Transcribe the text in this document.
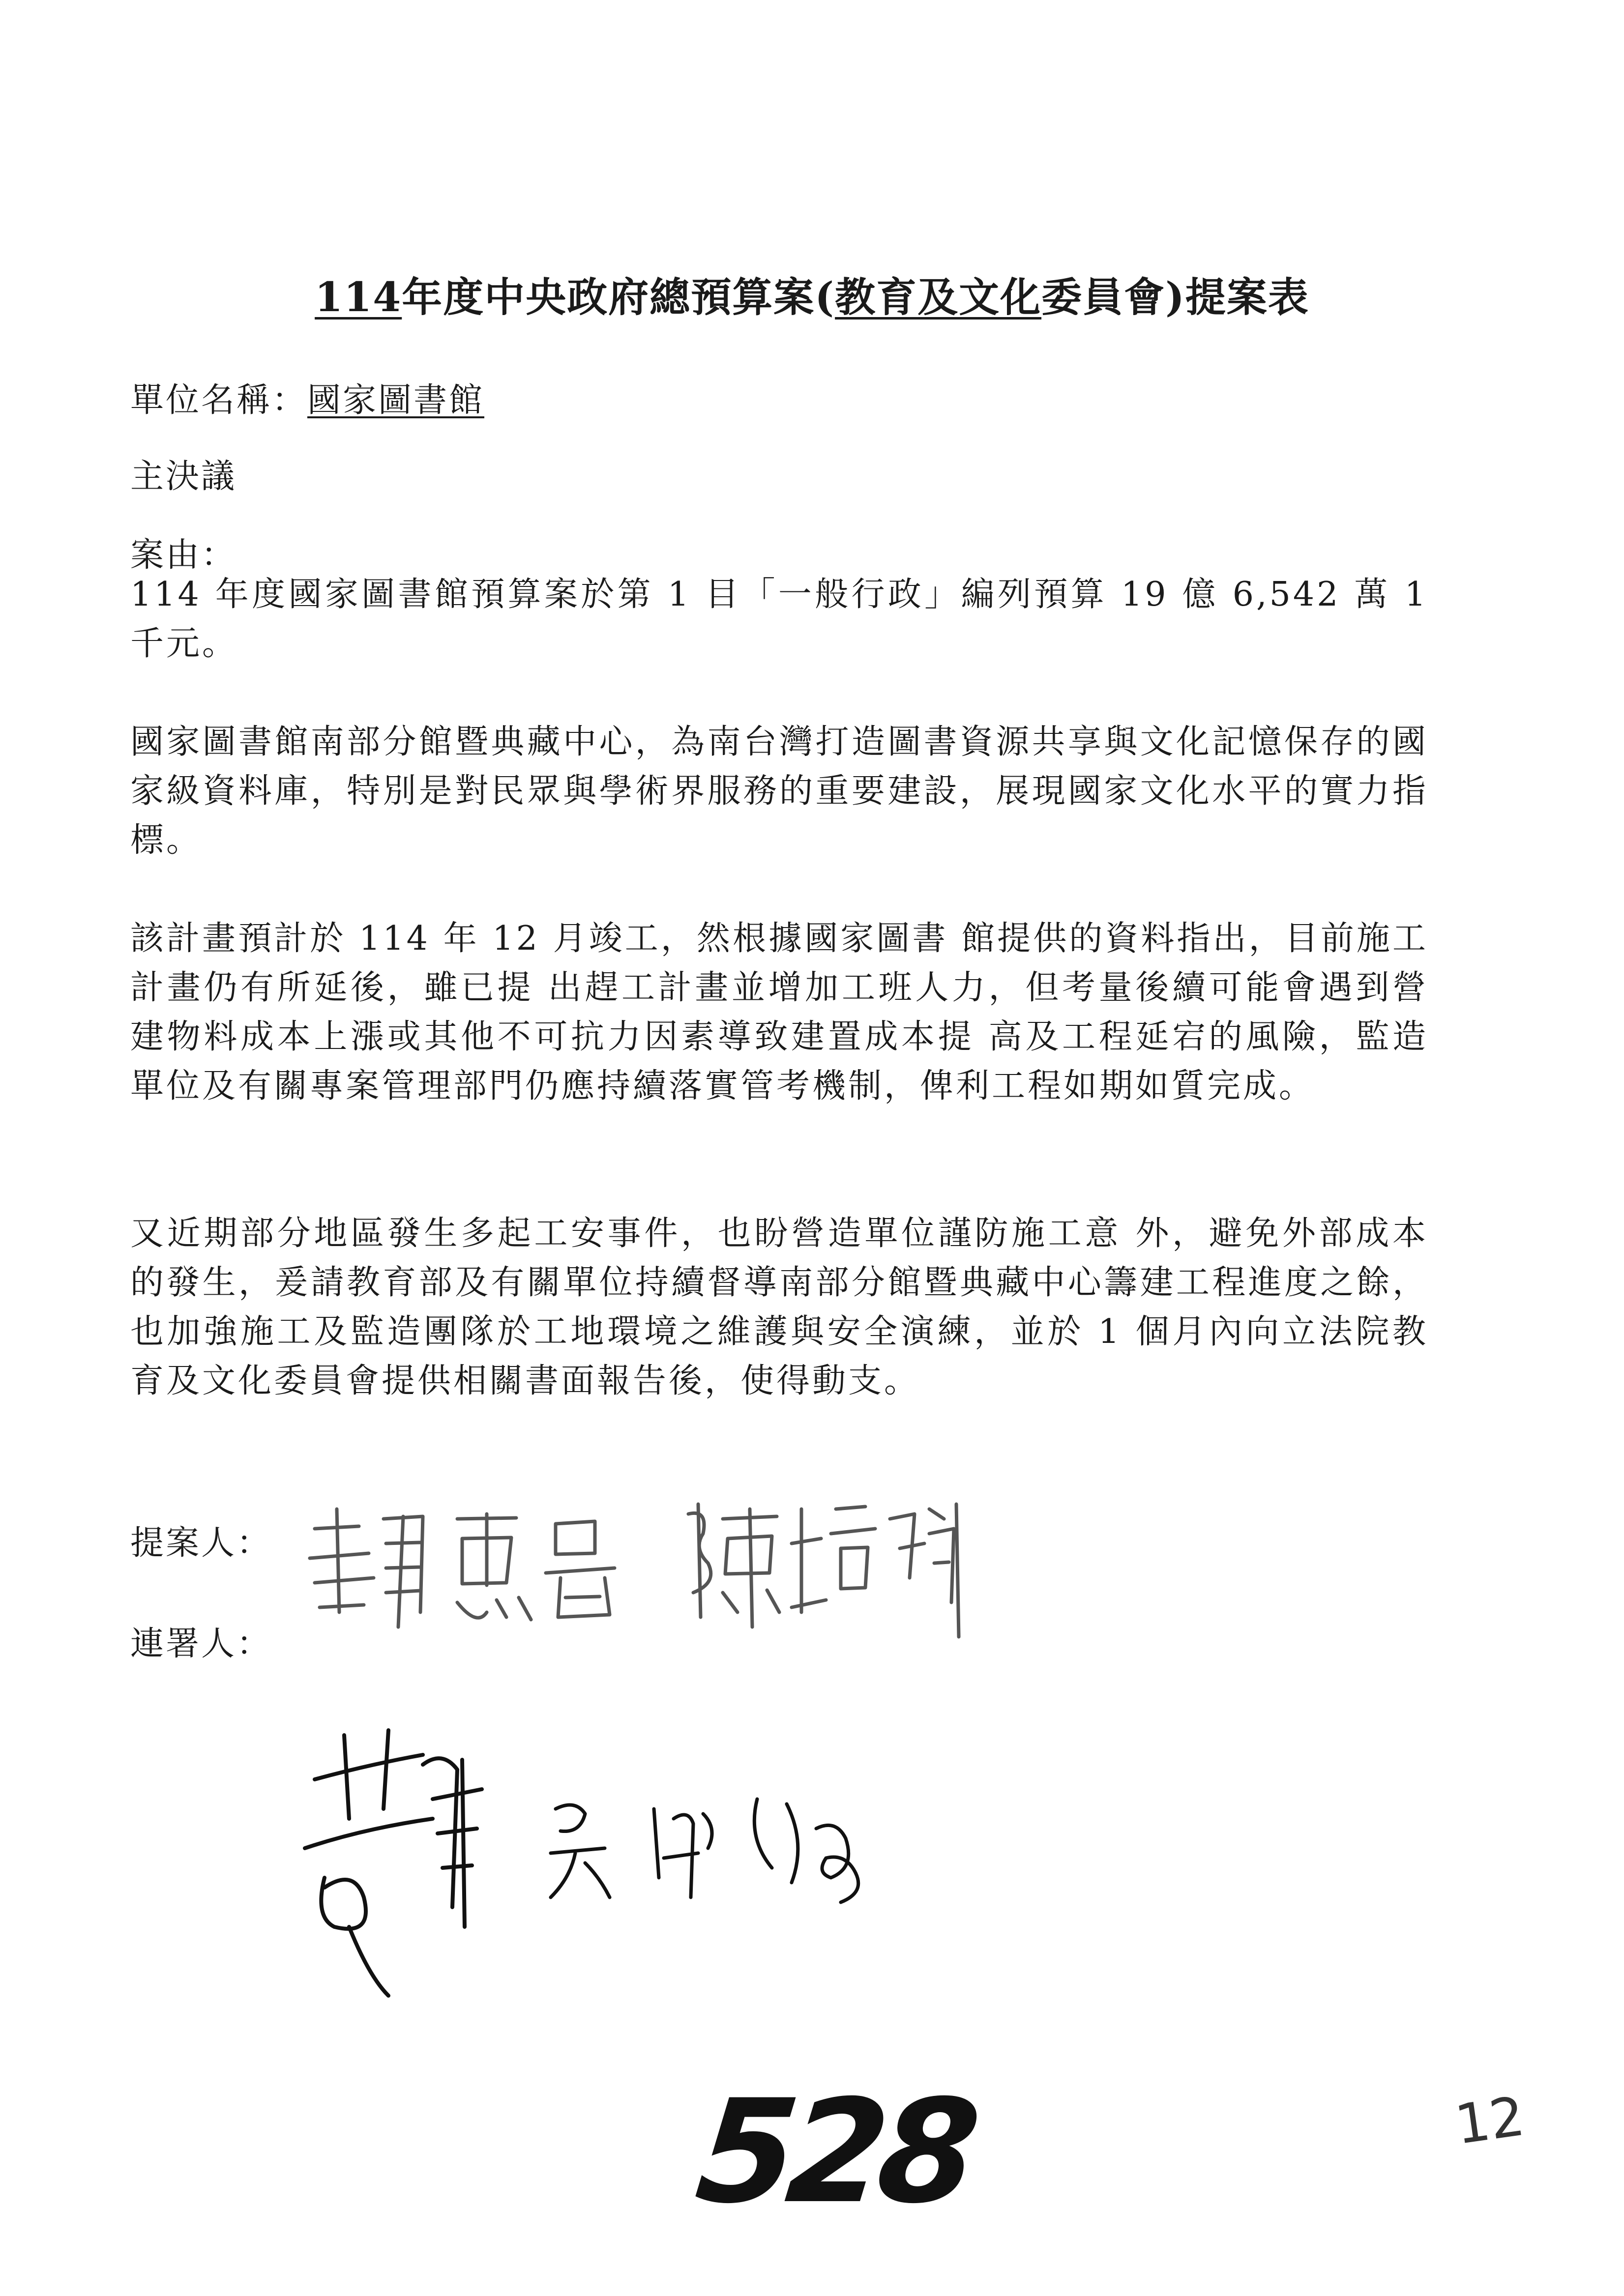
114年度中央政府總預算案(教育及文化委員會)提案表
單位名稱：國家圖書館
主決議
案由：
114 年度國家圖書館預算案於第 1 目「一般行政」編列預算 19 億 6,542 萬 1 千元。
國家圖書館南部分館暨典藏中心，為南台灣打造圖書資源共享與文化記憶保存的國家級資料庫，特別是對民眾與學術界服務的重要建設，展現國家文化水平的實力指標。
該計畫預計於 114 年 12 月竣工，然根據國家圖書 館提供的資料指出，目前施工計畫仍有所延後，雖已提 出趕工計畫並增加工班人力，但考量後續可能會遇到營 建物料成本上漲或其他不可抗力因素導致建置成本提 高及工程延宕的風險，監造單位及有關專案管理部門仍應持續落實管考機制，俾利工程如期如質完成。
又近期部分地區發生多起工安事件，也盼營造單位謹防施工意 外，避免外部成本的發生，爰請教育部及有關單位持續督導南部分館暨典藏中心籌建工程進度之餘，也加強施工及監造團隊於工地環境之維護與安全演練，並於 1 個月內向立法院教育及文化委員會提供相關書面報告後，使得動支。
提案人：
連署人：
528	12
